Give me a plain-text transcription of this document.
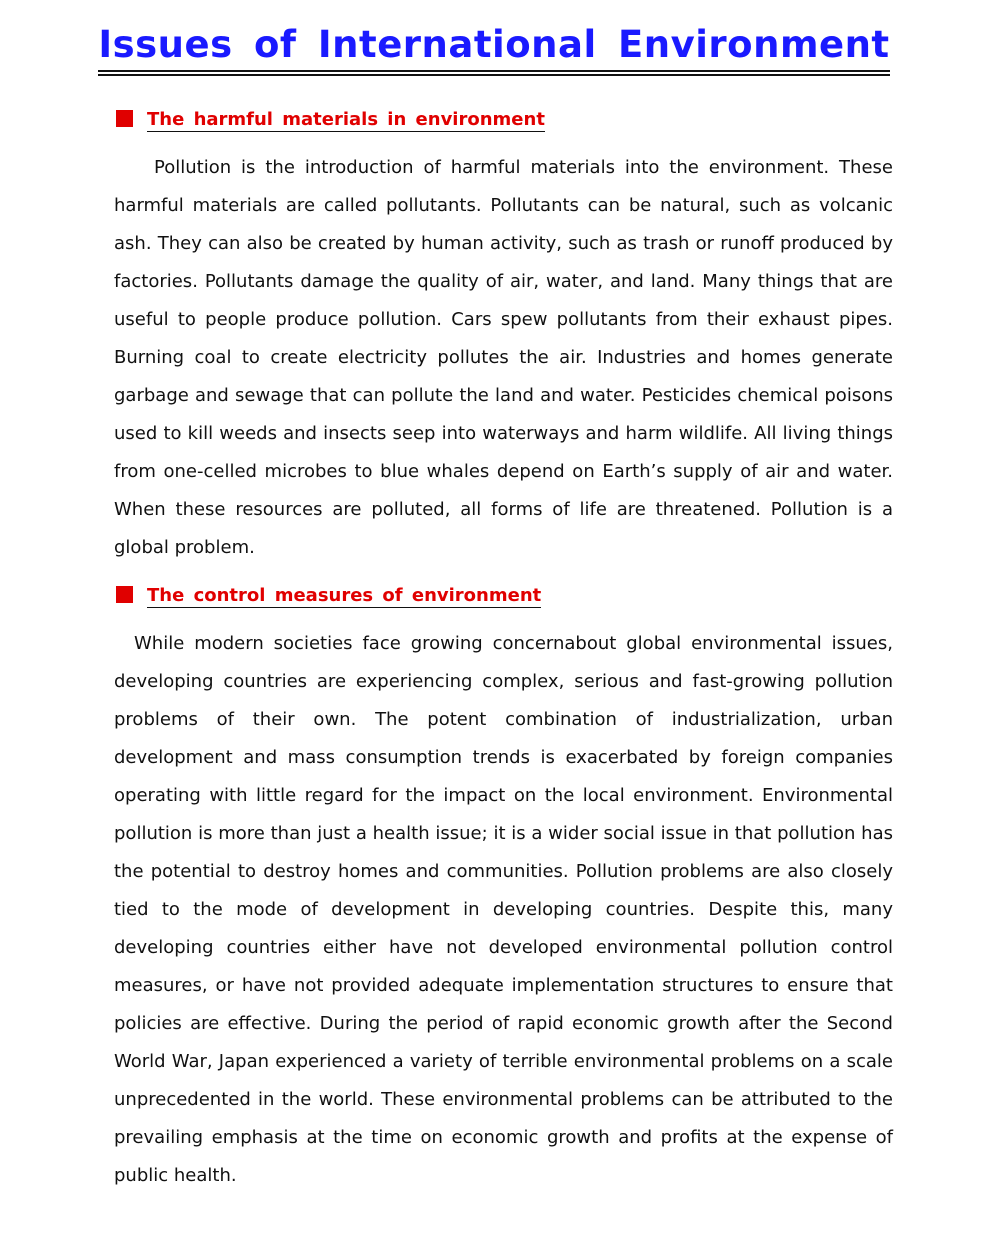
Issues of International Environment
The harmful materials in environment
Pollution is the introduction of harmful materials into the environment. These harmful materials are called pollutants. Pollutants can be natural, such as volcanic ash. They can also be created by human activity, such as trash or runoff produced by factories. Pollutants damage the quality of air, water, and land. Many things that are useful to people produce pollution. Cars spew pollutants from their exhaust pipes. Burning coal to create electricity pollutes the air. Industries and homes generate garbage and sewage that can pollute the land and water. Pesticides chemical poisons used to kill weeds and insects seep into waterways and harm wildlife. All living things from one-celled microbes to blue whales depend on Earth’s supply of air and water. When these resources are polluted, all forms of life are threatened. Pollution is a global problem.
The control measures of environment
While modern societies face growing concernabout global environmental issues, developing countries are experiencing complex, serious and fast-growing pollution problems of their own. The potent combination of industrialization, urban development and mass consumption trends is exacerbated by foreign companies operating with little regard for the impact on the local environment. Environmental pollution is more than just a health issue; it is a wider social issue in that pollution has the potential to destroy homes and communities. Pollution problems are also closely tied to the mode of development in developing countries. Despite this, many developing countries either have not developed environmental pollution control measures, or have not provided adequate implementation structures to ensure that policies are effective. During the period of rapid economic growth after the Second World War, Japan experienced a variety of terrible environmental problems on a scale unprecedented in the world. These environmental problems can be attributed to the prevailing emphasis at the time on economic growth and profits at the expense of public health.
